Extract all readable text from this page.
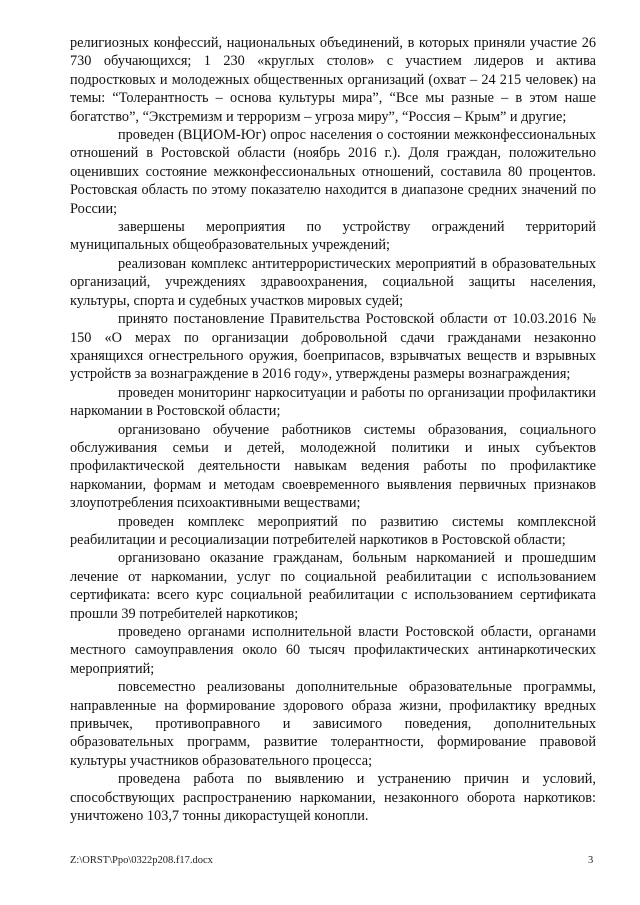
религиозных конфессий, национальных объединений, в которых приняли участие 26 730 обучающихся; 1 230 «круглых столов» с участием лидеров и актива подростковых и молодежных общественных организаций (охват – 24 215 человек) на темы: “Толерантность – основа культуры мира”, “Все мы разные – в этом наше богатство”, “Экстремизм и терроризм – угроза миру”, “Россия – Крым” и другие;

проведен (ВЦИОМ-Юг) опрос населения о состоянии межконфессиональных отношений в Ростовской области (ноябрь 2016 г.). Доля граждан, положительно оценивших состояние межконфессиональных отношений, составила 80 процентов. Ростовская область по этому показателю находится в диапазоне средних значений по России;

завершены мероприятия по устройству ограждений территорий муниципальных общеобразовательных учреждений;

реализован комплекс антитеррористических мероприятий в образовательных организаций, учреждениях здравоохранения, социальной защиты населения, культуры, спорта и судебных участков мировых судей;

принято постановление Правительства Ростовской области от 10.03.2016 № 150 «О мерах по организации добровольной сдачи гражданами незаконно хранящихся огнестрельного оружия, боеприпасов, взрывчатых веществ и взрывных устройств за вознаграждение в 2016 году», утверждены размеры вознаграждения;

проведен мониторинг наркоситуации и работы по организации профилактики наркомании в Ростовской области;

организовано обучение работников системы образования, социального обслуживания семьи и детей, молодежной политики и иных субъектов профилактической деятельности навыкам ведения работы по профилактике наркомании, формам и методам своевременного выявления первичных признаков злоупотребления психоактивными веществами;

проведен комплекс мероприятий по развитию системы комплексной реабилитации и ресоциализации потребителей наркотиков в Ростовской области;

организовано оказание гражданам, больным наркоманией и прошедшим лечение от наркомании, услуг по социальной реабилитации с использованием сертификата: всего курс социальной реабилитации с использованием сертификата прошли 39 потребителей наркотиков;

проведено органами исполнительной власти Ростовской области, органами местного самоуправления около 60 тысяч профилактических антинаркотических мероприятий;

повсеместно реализованы дополнительные образовательные программы, направленные на формирование здорового образа жизни, профилактику вредных привычек, противоправного и зависимого поведения, дополнительных образовательных программ, развитие толерантности, формирование правовой культуры участников образовательного процесса;

проведена работа по выявлению и устранению причин и условий, способствующих распространению наркомании, незаконного оборота наркотиков: уничтожено 103,7 тонны дикорастущей конопли.

Z:\ORST\Ppo\0322p208.f17.docx	3
